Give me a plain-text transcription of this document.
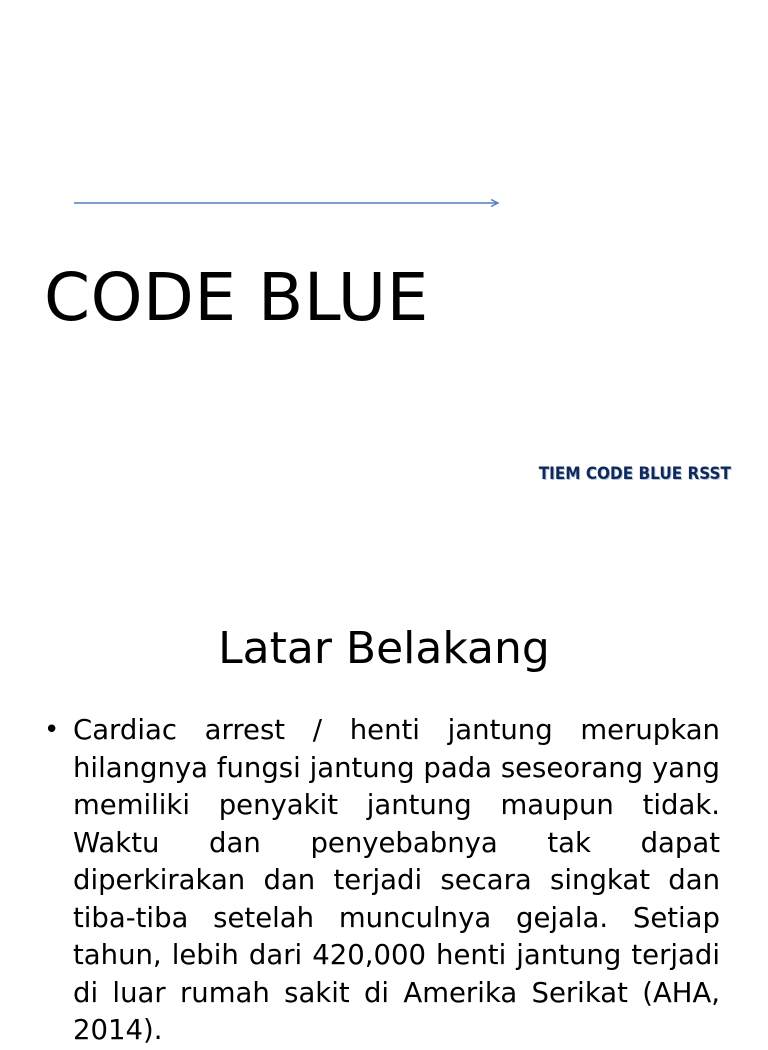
CODE BLUE
TIEM CODE BLUE RSST
Latar Belakang
• Cardiac arrest / henti jantung merupkan hilangnya fungsi jantung pada seseorang yang memiliki penyakit jantung maupun tidak. Waktu dan penyebabnya tak dapat diperkirakan dan terjadi secara singkat dan tiba-tiba setelah munculnya gejala. Setiap tahun, lebih dari 420,000 henti jantung terjadi di luar rumah sakit di Amerika Serikat (AHA, 2014).
